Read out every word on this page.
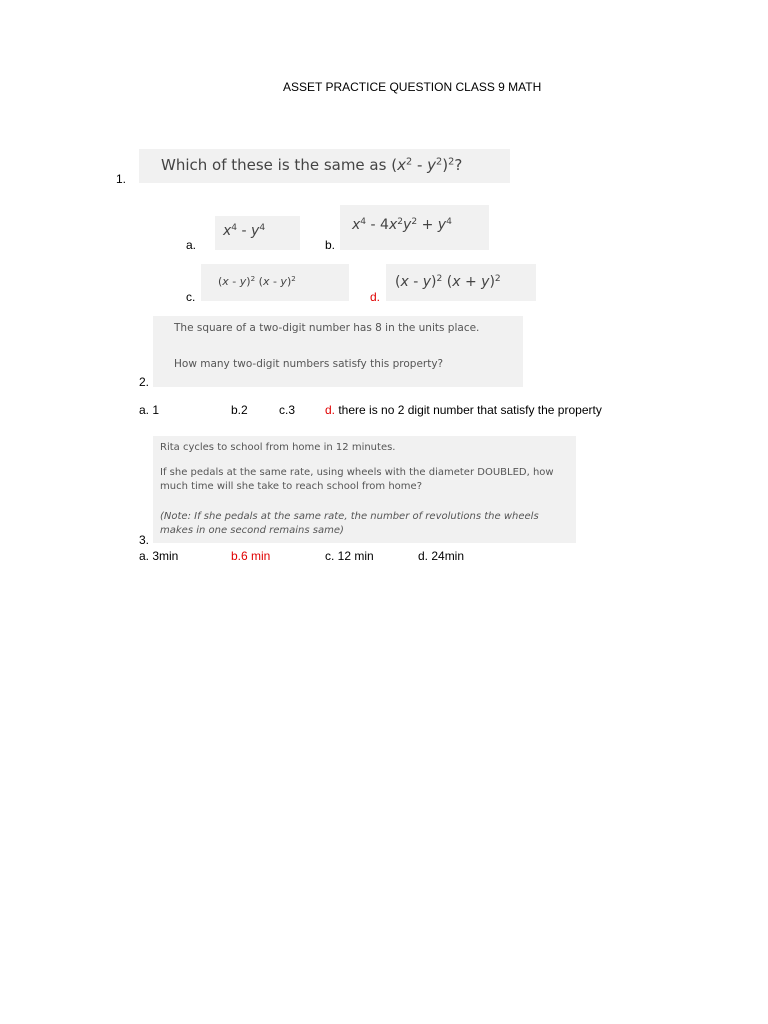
ASSET PRACTICE QUESTION CLASS 9 MATH
1.
Which of these is the same as $(x^2 - y^2)^2$?
a.
$x^4 - y^4$
b.
$x^4 - 4x^2y^2 + y^4$
c.
(x - y)$^2$ (x - y)$^2$
d.
(x - y)$^2$ $(x + y)^2$
2.
The square of a two-digit number has 8 in the units place.
How many two-digit numbers satisfy this property?
a. 1	b.2	c.3 d. there is no 2 digit number that satisfy the property
3.
Rita cycles to school from home in 12 minutes.
If she pedals at the same rate, using wheels with the diameter DOUBLED, how
much time will she take to reach school from home?
(Note: If she pedals at the same rate, the number of revolutions the wheels
makes in one second remains same)
a. 3min	b.6 min	c. 12 min	d. 24min
